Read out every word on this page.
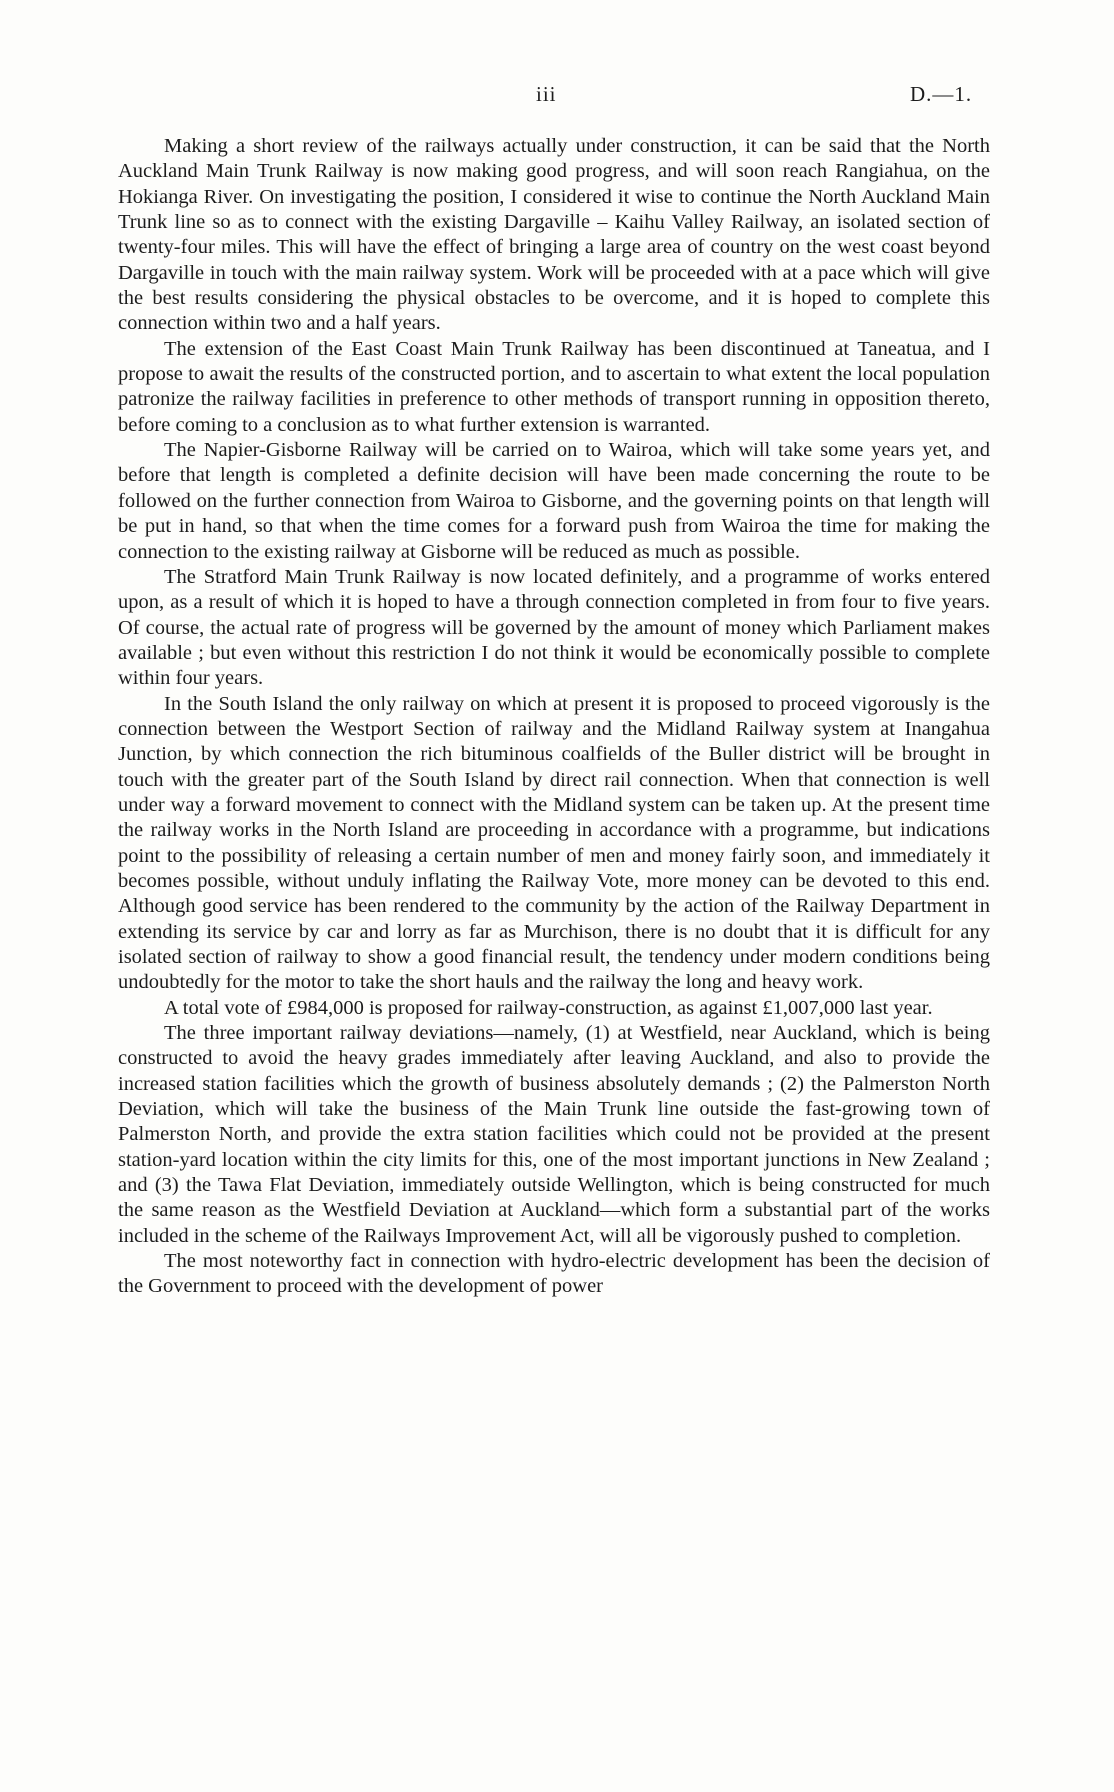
iii	D.—1.

Making a short review of the railways actually under construction, it can be said that the North Auckland Main Trunk Railway is now making good progress, and will soon reach Rangiahua, on the Hokianga River. On investigating the position, I considered it wise to continue the North Auckland Main Trunk line so as to connect with the existing Dargaville – Kaihu Valley Railway, an isolated section of twenty-four miles. This will have the effect of bringing a large area of country on the west coast beyond Dargaville in touch with the main railway system. Work will be proceeded with at a pace which will give the best results considering the physical obstacles to be overcome, and it is hoped to complete this connection within two and a half years.

The extension of the East Coast Main Trunk Railway has been discontinued at Taneatua, and I propose to await the results of the constructed portion, and to ascertain to what extent the local population patronize the railway facilities in preference to other methods of transport running in opposition thereto, before coming to a conclusion as to what further extension is warranted.

The Napier-Gisborne Railway will be carried on to Wairoa, which will take some years yet, and before that length is completed a definite decision will have been made concerning the route to be followed on the further connection from Wairoa to Gisborne, and the governing points on that length will be put in hand, so that when the time comes for a forward push from Wairoa the time for making the connection to the existing railway at Gisborne will be reduced as much as possible.

The Stratford Main Trunk Railway is now located definitely, and a programme of works entered upon, as a result of which it is hoped to have a through connection completed in from four to five years. Of course, the actual rate of progress will be governed by the amount of money which Parliament makes available ; but even without this restriction I do not think it would be economically possible to complete within four years.

In the South Island the only railway on which at present it is proposed to proceed vigorously is the connection between the Westport Section of railway and the Midland Railway system at Inangahua Junction, by which connection the rich bituminous coalfields of the Buller district will be brought in touch with the greater part of the South Island by direct rail connection. When that connection is well under way a forward movement to connect with the Midland system can be taken up. At the present time the railway works in the North Island are proceeding in accordance with a programme, but indications point to the possibility of releasing a certain number of men and money fairly soon, and immediately it becomes possible, without unduly inflating the Railway Vote, more money can be devoted to this end. Although good service has been rendered to the community by the action of the Railway Department in extending its service by car and lorry as far as Murchison, there is no doubt that it is difficult for any isolated section of railway to show a good financial result, the tendency under modern conditions being undoubtedly for the motor to take the short hauls and the railway the long and heavy work.

A total vote of £984,000 is proposed for railway-construction, as against £1,007,000 last year.

The three important railway deviations—namely, (1) at Westfield, near Auckland, which is being constructed to avoid the heavy grades immediately after leaving Auckland, and also to provide the increased station facilities which the growth of business absolutely demands ; (2) the Palmerston North Deviation, which will take the business of the Main Trunk line outside the fast-growing town of Palmerston North, and provide the extra station facilities which could not be provided at the present station-yard location within the city limits for this, one of the most important junctions in New Zealand ; and (3) the Tawa Flat Deviation, immediately outside Wellington, which is being constructed for much the same reason as the Westfield Deviation at Auckland—which form a substantial part of the works included in the scheme of the Railways Improvement Act, will all be vigorously pushed to completion.

The most noteworthy fact in connection with hydro-electric development has been the decision of the Government to proceed with the development of power
